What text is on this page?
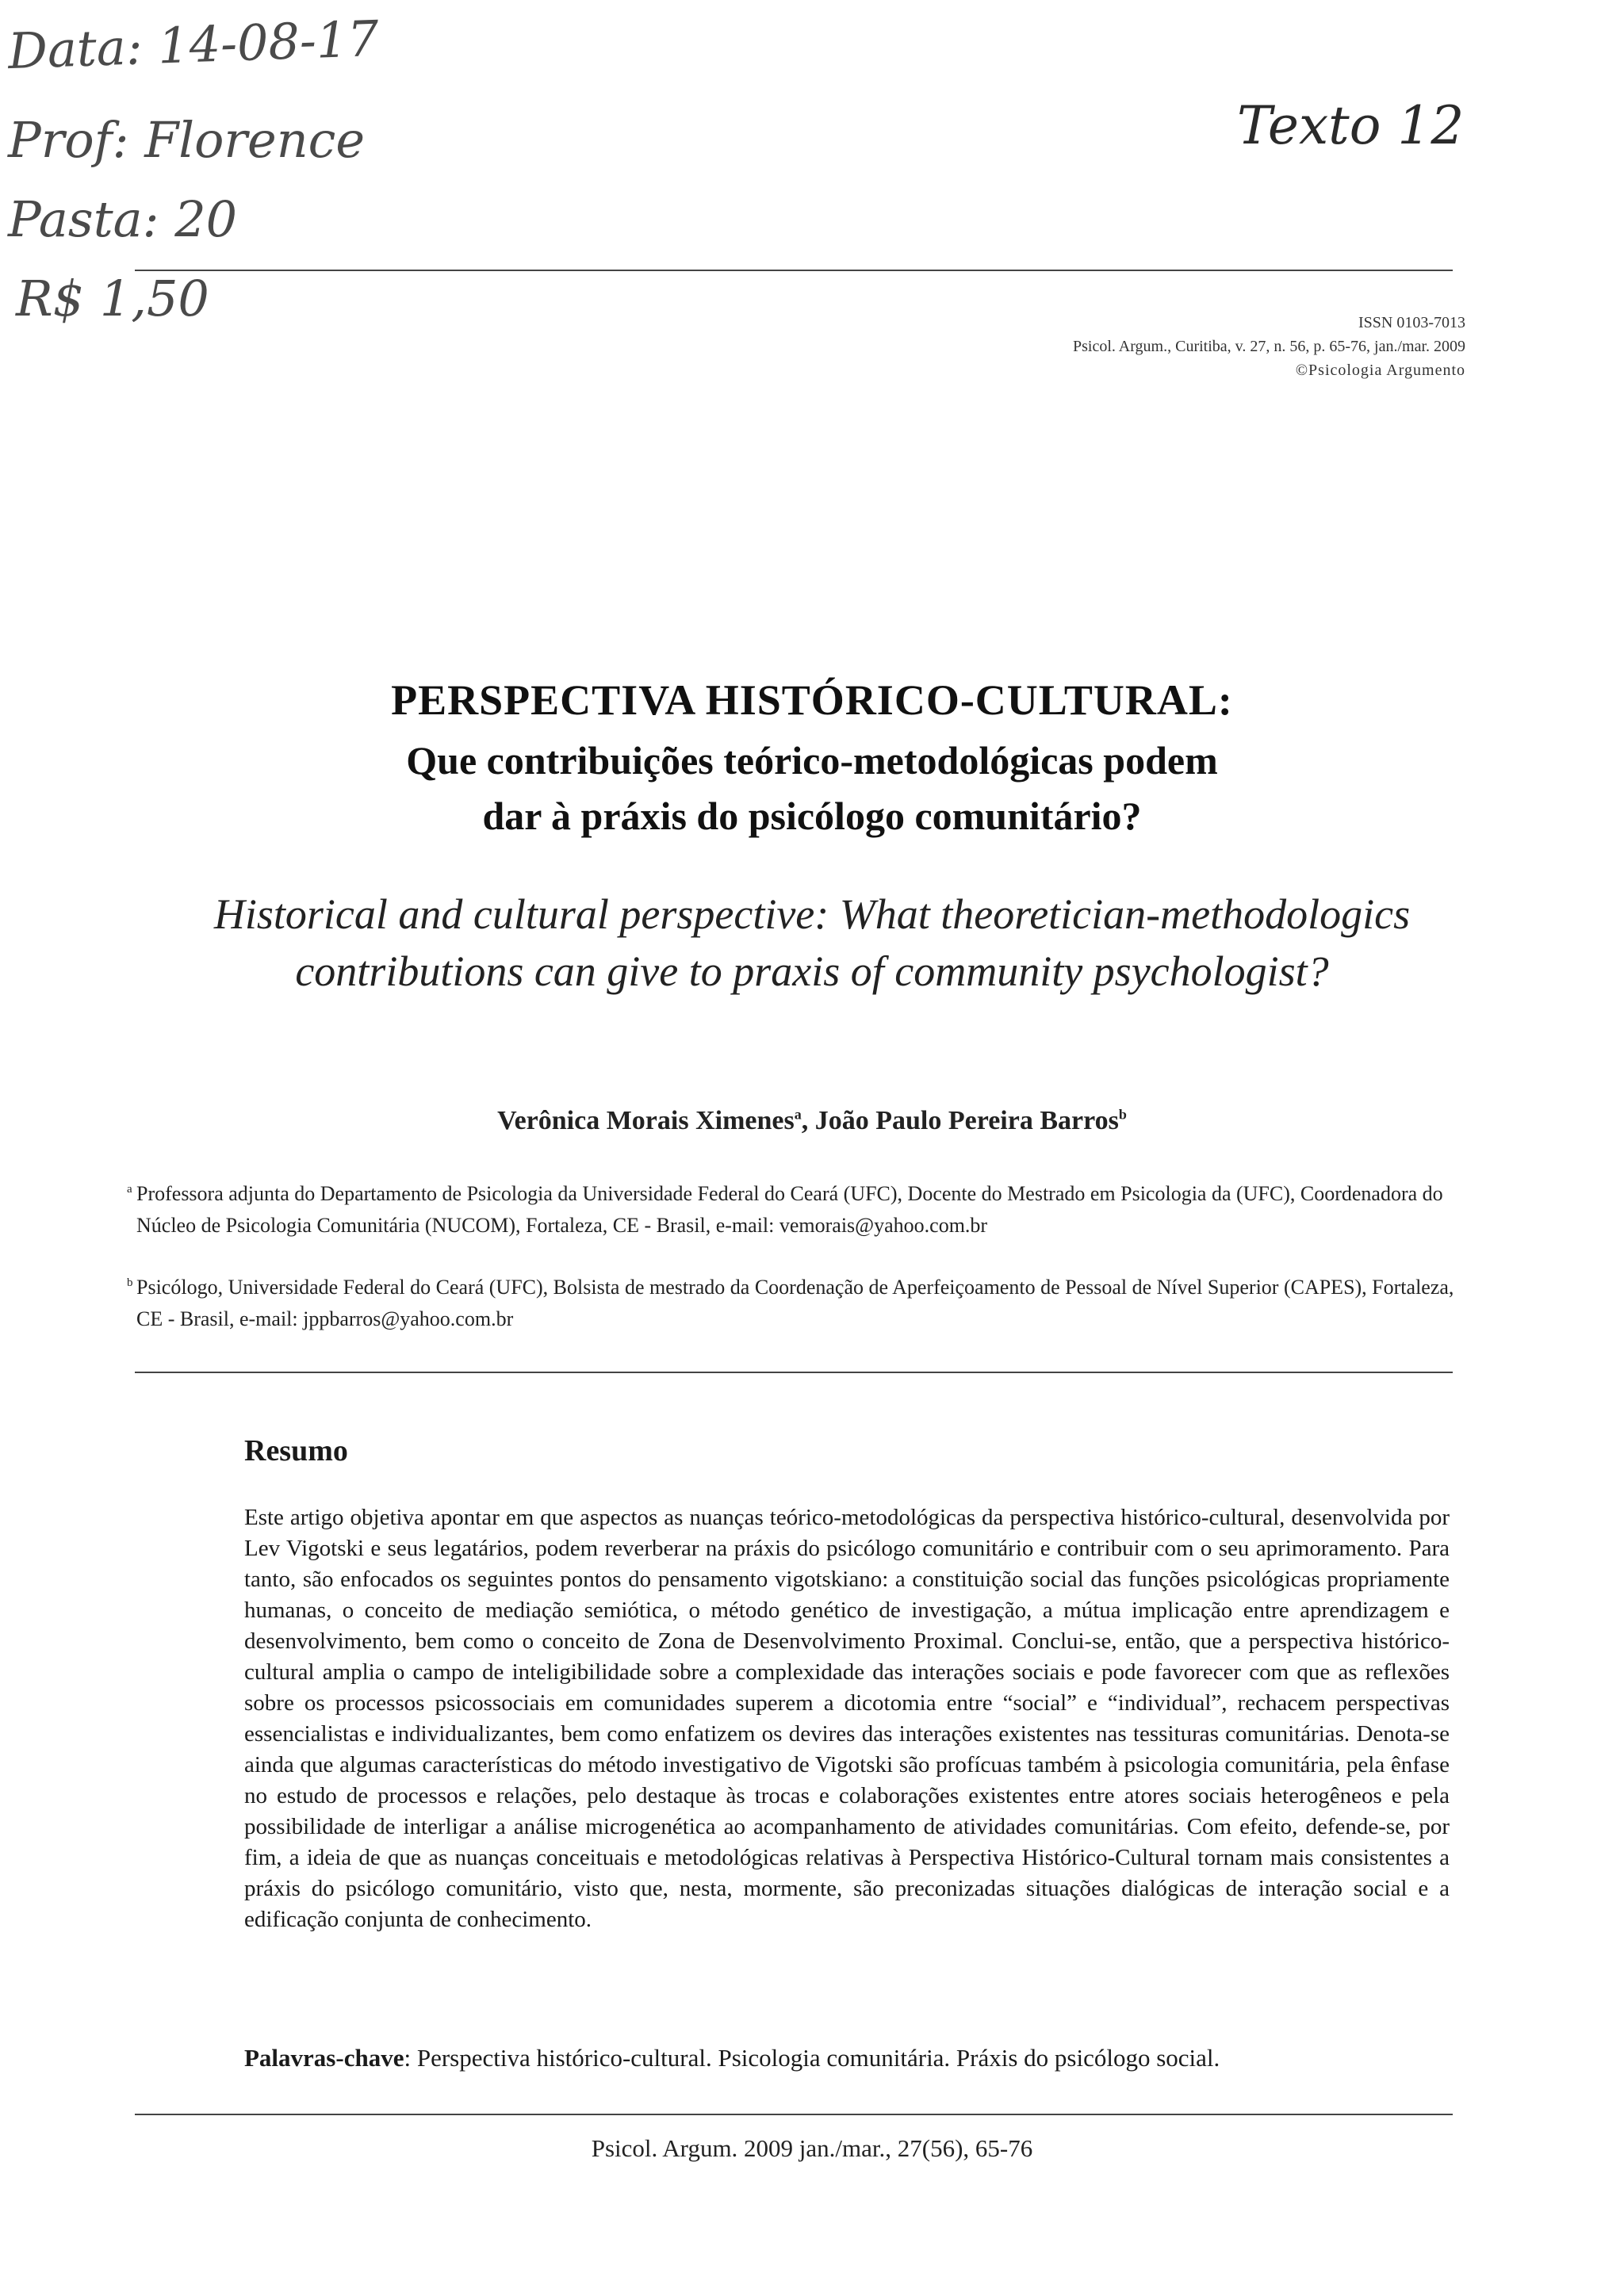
Data: 14-08-17
Prof: Florence
Pasta: 20
R$ 1,50
Texto 12
ISSN 0103-7013
Psicol. Argum., Curitiba, v. 27, n. 56, p. 65-76, jan./mar. 2009
©Psicologia Argumento
PERSPECTIVA HISTÓRICO-CULTURAL:
Que contribuições teórico-metodológicas podem
dar à práxis do psicólogo comunitário?
Historical and cultural perspective: What theoretician-methodologics
contributions can give to praxis of community psychologist?
Verônica Morais Ximenes$^a$, João Paulo Pereira Barros$^b$
a Professora adjunta do Departamento de Psicologia da Universidade Federal do Ceará (UFC), Docente do Mestrado em Psicologia da (UFC), Coordenadora do Núcleo de Psicologia Comunitária (NUCOM), Fortaleza, CE - Brasil, e-mail: vemorais@yahoo.com.br
b Psicólogo, Universidade Federal do Ceará (UFC), Bolsista de mestrado da Coordenação de Aperfeiçoamento de Pessoal de Nível Superior (CAPES), Fortaleza, CE - Brasil, e-mail: jppbarros@yahoo.com.br
Resumo
Este artigo objetiva apontar em que aspectos as nuanças teórico-metodológicas da perspectiva histórico-cultural, desenvolvida por Lev Vigotski e seus legatários, podem reverberar na práxis do psicólogo comunitário e contribuir com o seu aprimoramento. Para tanto, são enfocados os seguintes pontos do pensamento vigotskiano: a constituição social das funções psicológicas propriamente humanas, o conceito de mediação semiótica, o método genético de investigação, a mútua implicação entre aprendizagem e desenvolvimento, bem como o conceito de Zona de Desenvolvimento Proximal. Conclui-se, então, que a perspectiva histórico-cultural amplia o campo de inteligibilidade sobre a complexidade das interações sociais e pode favorecer com que as reflexões sobre os processos psicossociais em comunidades superem a dicotomia entre “social” e “individual”, rechacem perspectivas essencialistas e individualizantes, bem como enfatizem os devires das interações existentes nas tessituras comunitárias. Denota-se ainda que algumas características do método investigativo de Vigotski são profícuas também à psicologia comunitária, pela ênfase no estudo de processos e relações, pelo destaque às trocas e colaborações existentes entre atores sociais heterogêneos e pela possibilidade de interligar a análise microgenética ao acompanhamento de atividades comunitárias. Com efeito, defende-se, por fim, a ideia de que as nuanças conceituais e metodológicas relativas à Perspectiva Histórico-Cultural tornam mais consistentes a práxis do psicólogo comunitário, visto que, nesta, mormente, são preconizadas situações dialógicas de interação social e a edificação conjunta de conhecimento.
Palavras-chave: Perspectiva histórico-cultural. Psicologia comunitária. Práxis do psicólogo social.
Psicol. Argum. 2009 jan./mar., 27(56), 65-76
